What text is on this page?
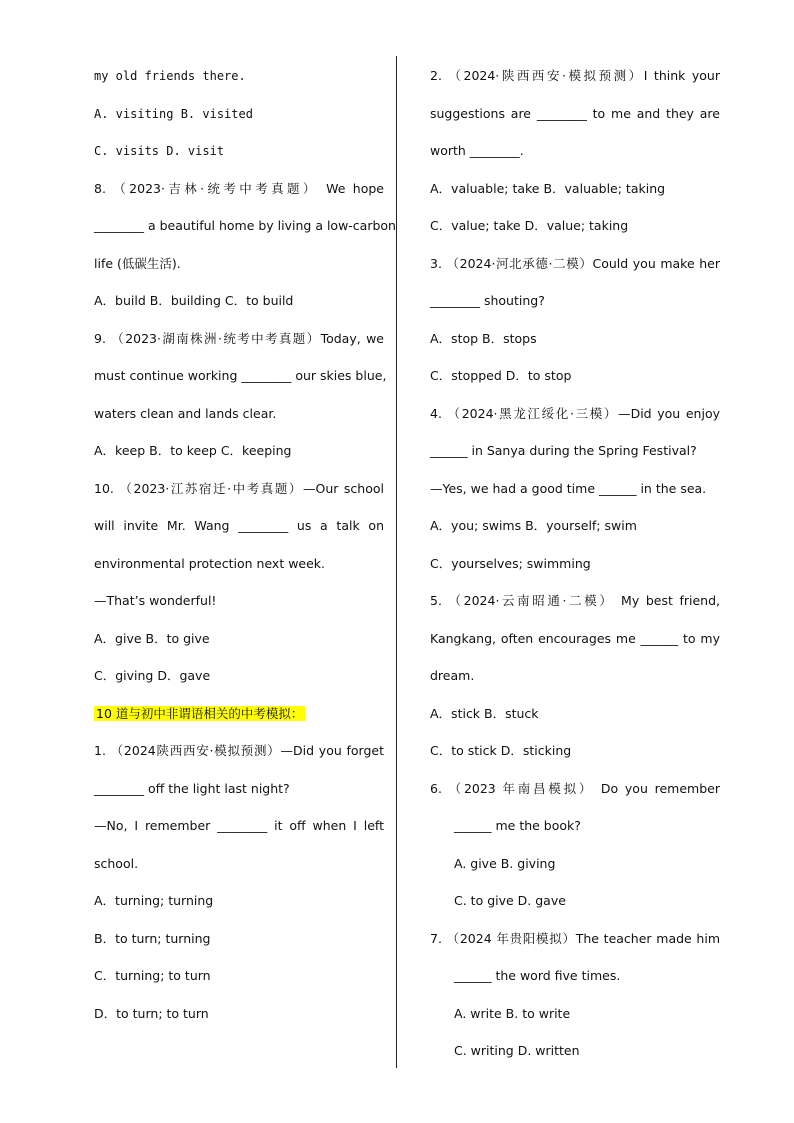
my old friends there.
A. visiting B. visited
C. visits D. visit
8. （2023·吉林·统考中考真题） We hope
________ a beautiful home by living a low-carbon
life (低碳生活).
A．build B．building C．to build
9. （2023·湖南株洲·统考中考真题）Today, we
must continue working ________ our skies blue,
waters clean and lands clear.
A．keep B．to keep C．keeping
10. （2023·江苏宿迁·中考真题）—Our school
will invite Mr. Wang ________ us a talk on
environmental protection next week.
—That’s wonderful!
A．give B．to give
C．giving D．gave
10 道与初中非谓语相关的中考模拟：
1. （2024陕西西安·模拟预测）—Did you forget
________ off the light last night?
—No, I remember ________ it off when I left
school.
A．turning; turning
B．to turn; turning
C．turning; to turn
D．to turn; to turn
2. （2024·陕西西安·模拟预测）I think your
suggestions are ________ to me and they are
worth ________.
A．valuable; take B．valuable; taking
C．value; take D．value; taking
3. （2024·河北承德·二模）Could you make her
________ shouting?
A．stop B．stops
C．stopped D．to stop
4. （2024·黑龙江绥化·三模）—Did you enjoy
______ in Sanya during the Spring Festival?
—Yes, we had a good time ______ in the sea.
A．you; swims B．yourself; swim
C．yourselves; swimming
5. （2024·云南昭通·二模） My best friend,
Kangkang, often encourages me ______ to my
dream.
A．stick B．stuck
C．to stick D．sticking
6. （2023 年南昌模拟） Do you remember
______ me the book?
A. give B. giving
C. to give D. gave
7. （2024 年贵阳模拟）The teacher made him
______ the word five times.
A. write B. to write
C. writing D. written
